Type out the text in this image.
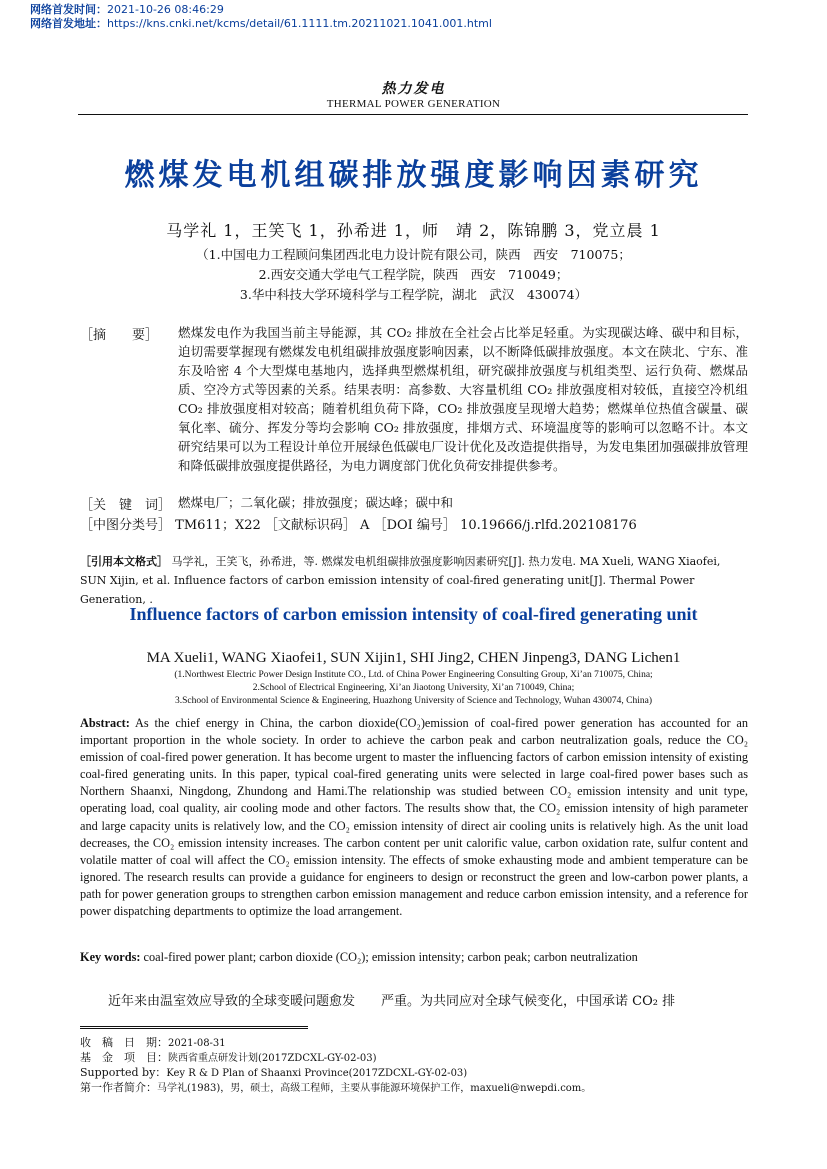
网络首发时间：2021-10-26 08:46:29
网络首发地址：https://kns.cnki.net/kcms/detail/61.1111.tm.20211021.1041.001.html
热力发电
THERMAL POWER GENERATION
燃煤发电机组碳排放强度影响因素研究
马学礼 1，王笑飞 1，孙希进 1，师　靖 2，陈锦鹏 3，党立晨 1
（1.中国电力工程顾问集团西北电力设计院有限公司，陕西　西安　710075；
2.西安交通大学电气工程学院，陕西　西安　710049；
3.华中科技大学环境科学与工程学院，湖北　武汉　430074）
［摘　　要］ 燃煤发电作为我国当前主导能源，其 CO₂ 排放在全社会占比举足轻重。为实现碳达峰、碳中和目标，迫切需要掌握现有燃煤发电机组碳排放强度影响因素，以不断降低碳排放强度。本文在陕北、宁东、准东及哈密 4 个大型煤电基地内，选择典型燃煤机组，研究碳排放强度与机组类型、运行负荷、燃煤品质、空冷方式等因素的关系。结果表明：高参数、大容量机组 CO₂ 排放强度相对较低，直接空冷机组 CO₂ 排放强度相对较高；随着机组负荷下降，CO₂ 排放强度呈现增大趋势；燃煤单位热值含碳量、碳氧化率、硫分、挥发分等均会影响 CO₂ 排放强度，排烟方式、环境温度等的影响可以忽略不计。本文研究结果可以为工程设计单位开展绿色低碳电厂设计优化及改造提供指导，为发电集团加强碳排放管理和降低碳排放强度提供路径，为电力调度部门优化负荷安排提供参考。
［关　键　词］ 燃煤电厂；二氧化碳；排放强度；碳达峰；碳中和
［中图分类号］ TM611；X22 ［文献标识码］ A ［DOI 编号］ 10.19666/j.rlfd.202108176
［引用本文格式］ 马学礼，王笑飞，孙希进，等. 燃煤发电机组碳排放强度影响因素研究[J]. 热力发电. MA Xueli, WANG Xiaofei, SUN Xijin, et al. Influence factors of carbon emission intensity of coal-fired generating unit[J]. Thermal Power Generation, .
Influence factors of carbon emission intensity of coal-fired generating unit
MA Xueli1, WANG Xiaofei1, SUN Xijin1, SHI Jing2, CHEN Jinpeng3, DANG Lichen1
(1.Northwest Electric Power Design Institute CO., Ltd. of China Power Engineering Consulting Group, Xi’an 710075, China;
2.School of Electrical Engineering, Xi’an Jiaotong University, Xi’an 710049, China;
3.School of Environmental Science & Engineering, Huazhong University of Science and Technology, Wuhan 430074, China)
Abstract: As the chief energy in China, the carbon dioxide(CO₂)emission of coal-fired power generation has accounted for an important proportion in the whole society. In order to achieve the carbon peak and carbon neutralization goals, reduce the CO₂ emission of coal-fired power generation. It has become urgent to master the influencing factors of carbon emission intensity of existing coal-fired generating units. In this paper, typical coal-fired generating units were selected in large coal-fired power bases such as Northern Shaanxi, Ningdong, Zhundong and Hami.The relationship was studied between CO₂ emission intensity and unit type, operating load, coal quality, air cooling mode and other factors. The results show that, the CO₂ emission intensity of high parameter and large capacity units is relatively low, and the CO₂ emission intensity of direct air cooling units is relatively high. As the unit load decreases, the CO₂ emission intensity increases. The carbon content per unit calorific value, carbon oxidation rate, sulfur content and volatile matter of coal will affect the CO₂ emission intensity. The effects of smoke exhausting mode and ambient temperature can be ignored. The research results can provide a guidance for engineers to design or reconstruct the green and low-carbon power plants, a path for power generation groups to strengthen carbon emission management and reduce carbon emission intensity, and a reference for power dispatching departments to optimize the load arrangement.
Key words: coal-fired power plant; carbon dioxide (CO₂); emission intensity; carbon peak; carbon neutralization
近年来由温室效应导致的全球变暖问题愈发　　严重。为共同应对全球气候变化，中国承诺 CO₂ 排
收　稿　日　期：2021-08-31
基　金　项　目：陕西省重点研发计划(2017ZDCXL-GY-02-03)
Supported by：Key R & D Plan of Shaanxi Province(2017ZDCXL-GY-02-03)
第一作者简介：马学礼(1983)，男，硕士，高级工程师，主要从事能源环境保护工作，maxueli@nwepdi.com。
